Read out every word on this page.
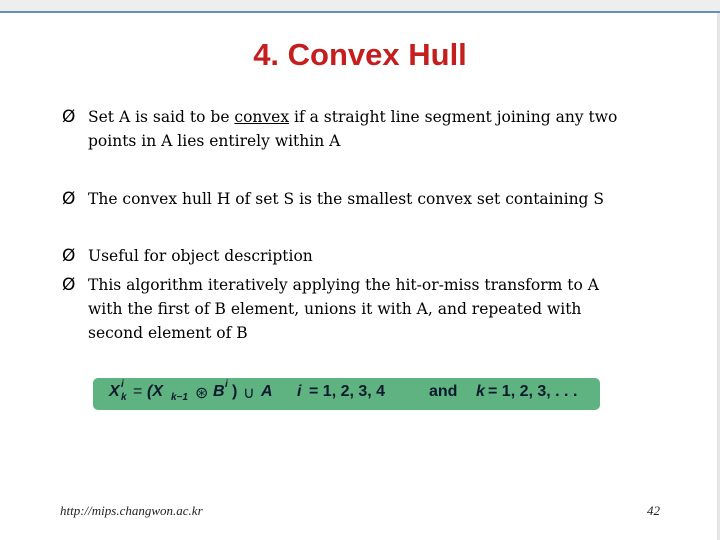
4. Convex Hull
Ø Set A is said to be convex if a straight line segment joining any two
points in A lies entirely within A
Ø The convex hull H of set S is the smallest convex set containing S
Ø Useful for object description
Ø This algorithm iteratively applying the hit-or-miss transform to A
with the first of B element, unions it with A, and repeated with
second element of B
X i
k = (X k−1 ⊛ B i ) ∪ A i = 1, 2, 3, 4	and k = 1, 2, 3, . . .
http://mips.changwon.ac.kr	42
